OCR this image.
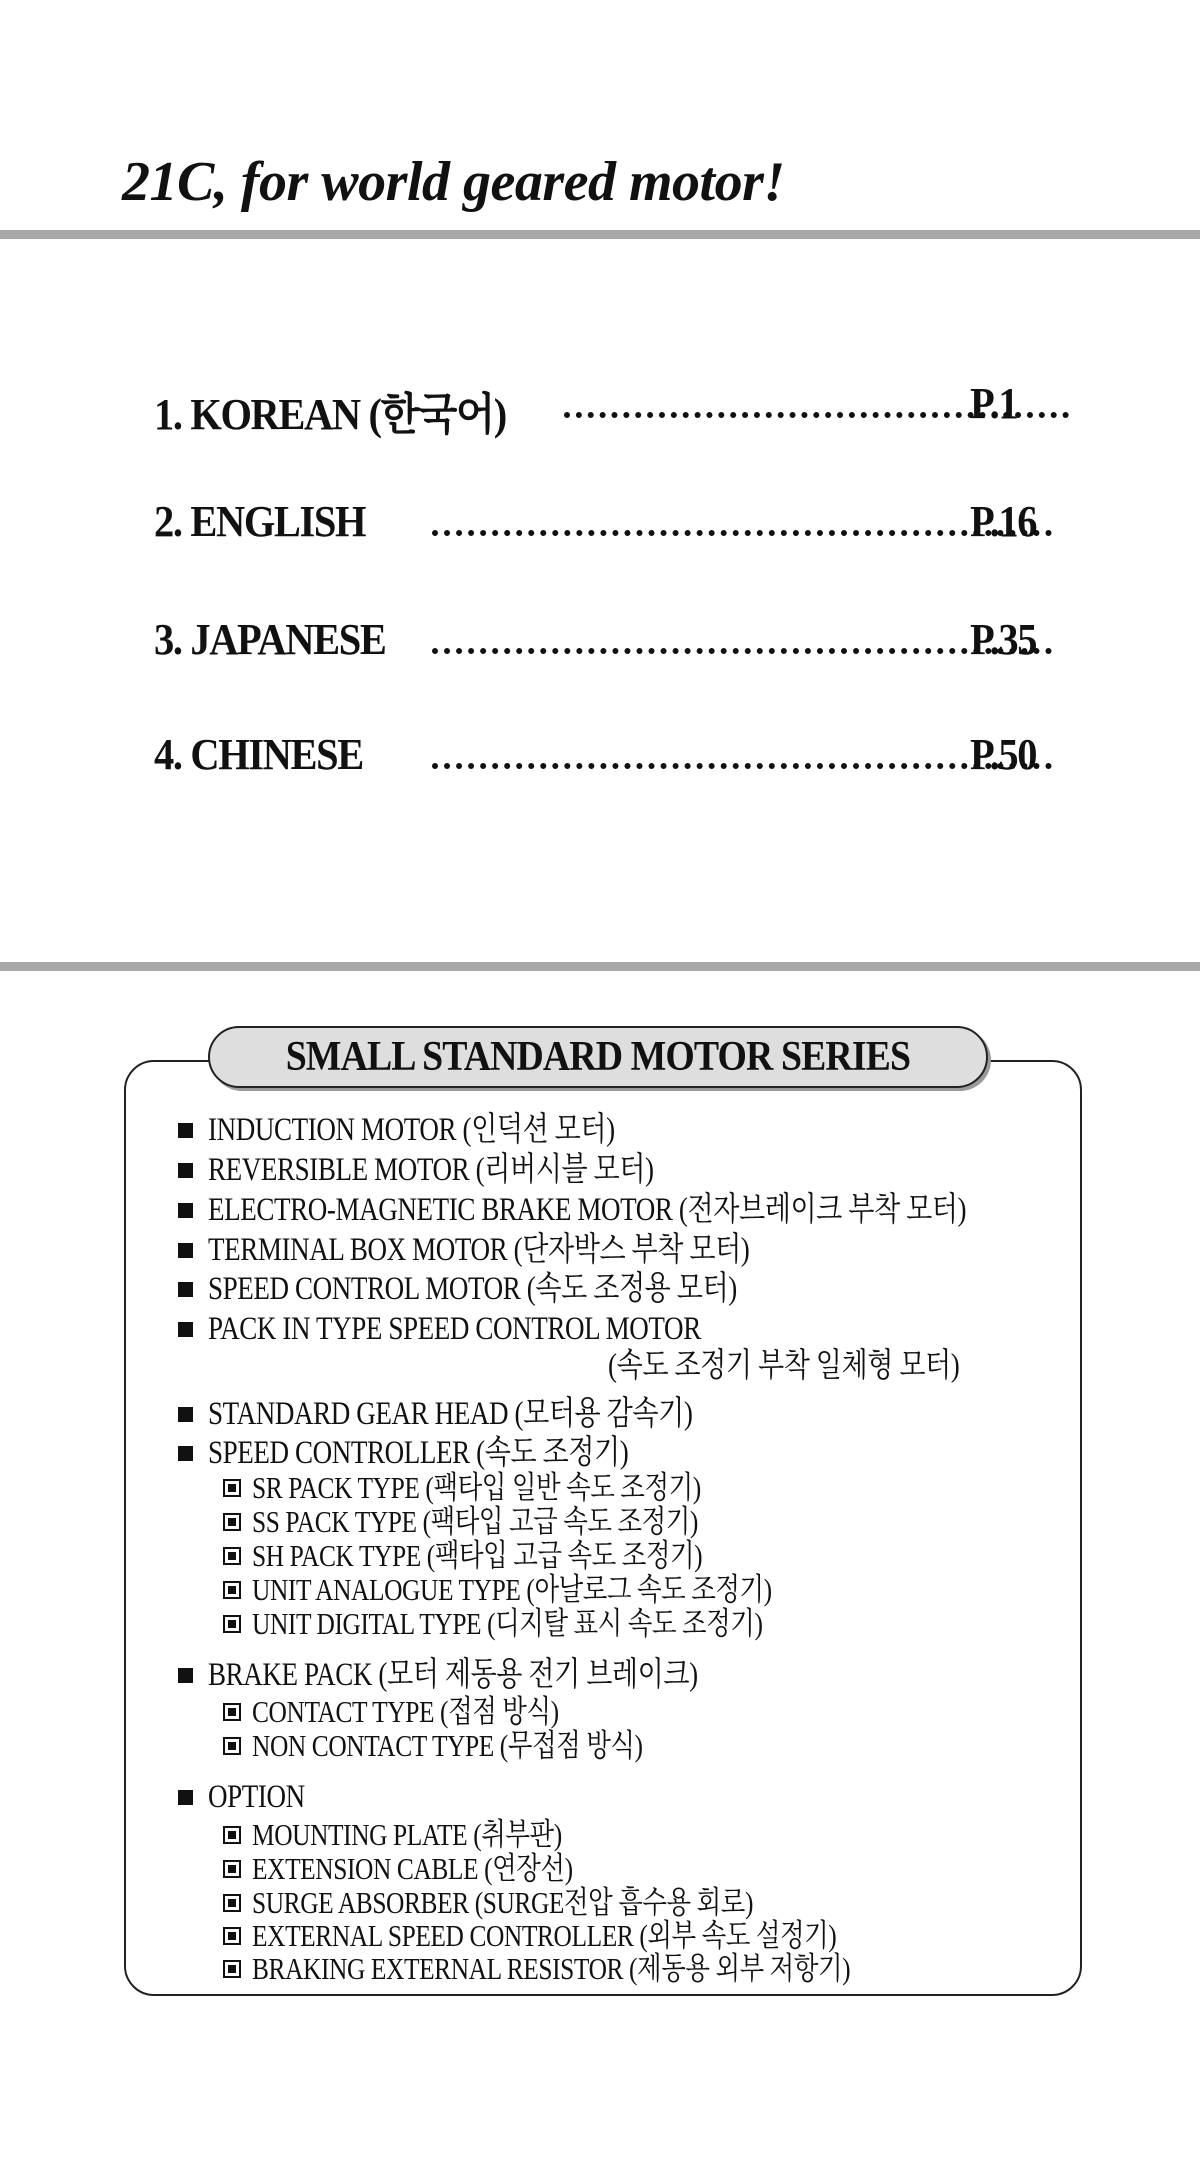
21C, for world geared motor!
1. KOREAN (한국어)	P.1
2. ENGLISH	P.16
3. JAPANESE	P.35
4. CHINESE	P.50
SMALL STANDARD MOTOR SERIES
INDUCTION MOTOR (인덕션 모터)
REVERSIBLE MOTOR (리버시블 모터)
ELECTRO-MAGNETIC BRAKE MOTOR (전자브레이크 부착 모터)
TERMINAL BOX MOTOR (단자박스 부착 모터)
SPEED CONTROL MOTOR (속도 조정용 모터)
PACK IN TYPE SPEED CONTROL MOTOR
(속도 조정기 부착 일체형 모터)
STANDARD GEAR HEAD (모터용 감속기)
SPEED CONTROLLER (속도 조정기)
SR PACK TYPE (팩타입 일반 속도 조정기)
SS PACK TYPE (팩타입 고급 속도 조정기)
SH PACK TYPE (팩타입 고급 속도 조정기)
UNIT ANALOGUE TYPE (아날로그 속도 조정기)
UNIT DIGITAL TYPE (디지탈 표시 속도 조정기)
BRAKE PACK (모터 제동용 전기 브레이크)
CONTACT TYPE (접점 방식)
NON CONTACT TYPE (무접점 방식)
OPTION
MOUNTING PLATE (취부판)
EXTENSION CABLE (연장선)
SURGE ABSORBER (SURGE전압 흡수용 회로)
EXTERNAL SPEED CONTROLLER (외부 속도 설정기)
BRAKING EXTERNAL RESISTOR (제동용 외부 저항기)
